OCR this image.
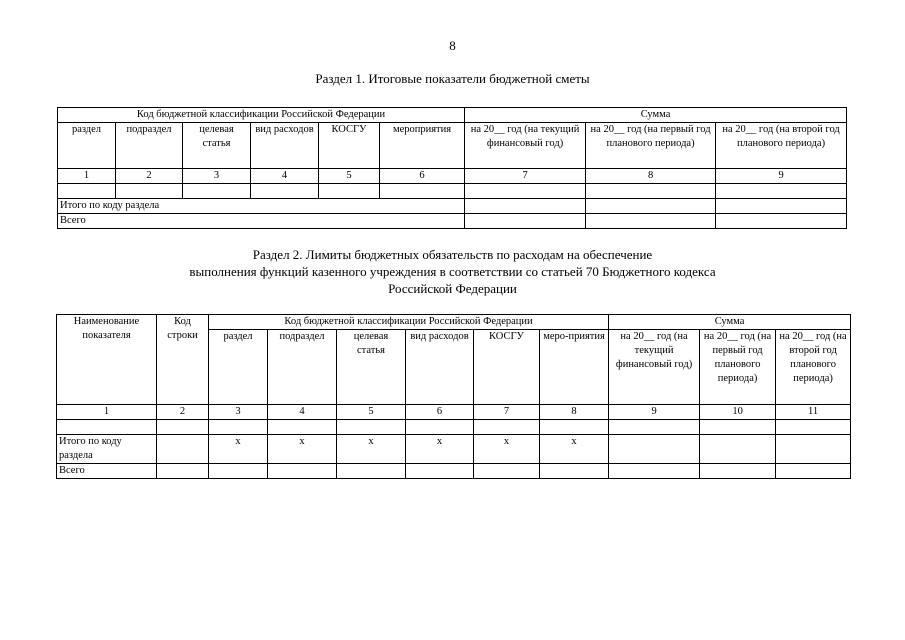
8
Раздел 1. Итоговые показатели бюджетной сметы
Код бюджетной классификации Российской Федерации						Сумма		
раздел	подраздел	целевая статья	вид расходов	КОСГУ	мероприятия	на 20__ год (на текущий финансовый год)	на 20__ год (на первый год планового периода)	на 20__ год (на второй год планового периода)
1	2	3	4	5	6	7	8	9

Итого по коду раздела								
Всего								
Раздел 2. Лимиты бюджетных обязательств по расходам на обеспечение
выполнения функций казенного учреждения в соответствии со статьей 70 Бюджетного кодекса
Российской Федерации
Наименование показателя	Код строки	Код бюджетной классификации Российской Федерации						Сумма		
		раздел	подраздел	целевая статья	вид расходов	КОСГУ	меро-приятия	на 20__ год (на текущий финансовый год)	на 20__ год (на первый год планового периода)	на 20__ год (на второй год планового периода)
1	2	3	4	5	6	7	8	9	10	11

Итого по коду раздела		x	x	x	x	x	x			
Всего										
